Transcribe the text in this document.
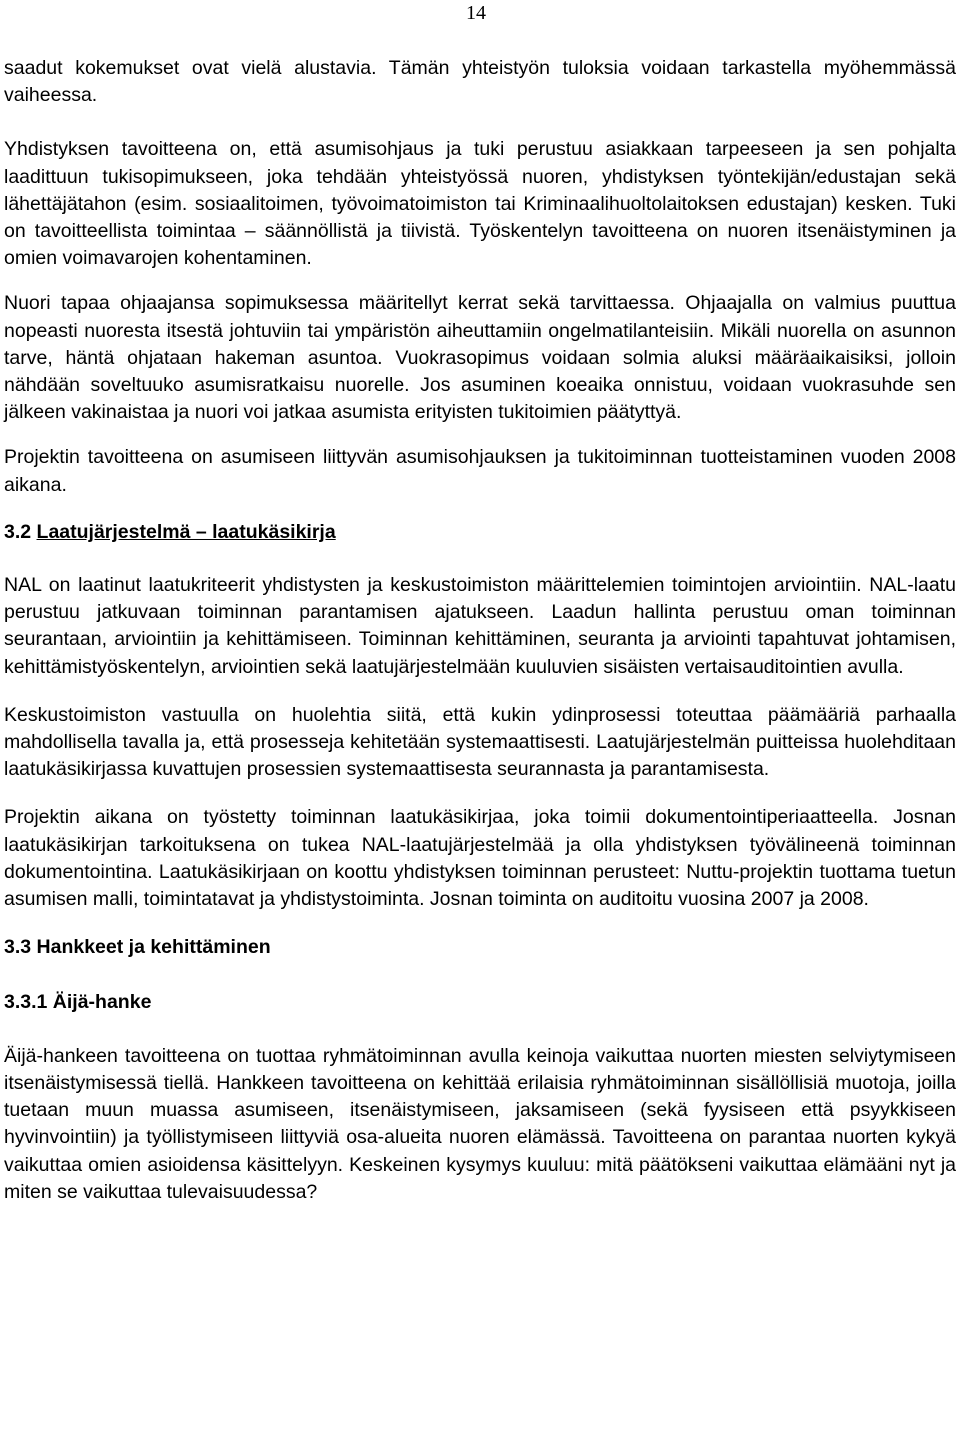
14

saadut kokemukset ovat vielä alustavia. Tämän yhteistyön tuloksia voidaan tarkastella myöhemmässä vaiheessa.

Yhdistyksen tavoitteena on, että asumisohjaus ja tuki perustuu asiakkaan tarpeeseen ja sen pohjalta laadittuun tukisopimukseen, joka tehdään yhteistyössä nuoren, yhdistyksen työntekijän/edustajan sekä lähettäjätahon (esim. sosiaalitoimen, työvoimatoimiston tai Kriminaalihuoltolaitoksen edustajan) kesken. Tuki on tavoitteellista toimintaa – säännöllistä ja tiivistä. Työskentelyn tavoitteena on nuoren itsenäistyminen ja omien voimavarojen kohentaminen.

Nuori tapaa ohjaajansa sopimuksessa määritellyt kerrat sekä tarvittaessa. Ohjaajalla on valmius puuttua nopeasti nuoresta itsestä johtuviin tai ympäristön aiheuttamiin ongelmatilanteisiin. Mikäli nuorella on asunnon tarve, häntä ohjataan hakeman asuntoa. Vuokrasopimus voidaan solmia aluksi määräaikaisiksi, jolloin nähdään soveltuuko asumisratkaisu nuorelle. Jos asuminen koeaika onnistuu, voidaan vuokrasuhde sen jälkeen vakinaistaa ja nuori voi jatkaa asumista erityisten tukitoimien päätyttyä.

Projektin tavoitteena on asumiseen liittyvän asumisohjauksen ja tukitoiminnan tuotteistaminen vuoden 2008 aikana.

3.2 Laatujärjestelmä – laatukäsikirja

NAL on laatinut laatukriteerit yhdistysten ja keskustoimiston määrittelemien toimintojen arviointiin. NAL-laatu perustuu jatkuvaan toiminnan parantamisen ajatukseen. Laadun hallinta perustuu oman toiminnan seurantaan, arviointiin ja kehittämiseen. Toiminnan kehittäminen, seuranta ja arviointi tapahtuvat johtamisen, kehittämistyöskentelyn, arviointien sekä laatujärjestelmään kuuluvien sisäisten vertaisauditointien avulla.

Keskustoimiston vastuulla on huolehtia siitä, että kukin ydinprosessi toteuttaa päämääriä parhaalla mahdollisella tavalla ja, että prosesseja kehitetään systemaattisesti. Laatujärjestelmän puitteissa huolehditaan laatukäsikirjassa kuvattujen prosessien systemaattisesta seurannasta ja parantamisesta.

Projektin aikana on työstetty toiminnan laatukäsikirjaa, joka toimii dokumentointiperiaatteella. Josnan laatukäsikirjan tarkoituksena on tukea NAL-laatujärjestelmää ja olla yhdistyksen työvälineenä toiminnan dokumentointina. Laatukäsikirjaan on koottu yhdistyksen toiminnan perusteet: Nuttu-projektin tuottama tuetun asumisen malli, toimintatavat ja yhdistystoiminta. Josnan toiminta on auditoitu vuosina 2007 ja 2008.

3.3 Hankkeet ja kehittäminen
3.3.1 Äijä-hanke

Äijä-hankeen tavoitteena on tuottaa ryhmätoiminnan avulla keinoja vaikuttaa nuorten miesten selviytymiseen itsenäistymisessä tiellä. Hankkeen tavoitteena on kehittää erilaisia ryhmätoiminnan sisällöllisiä muotoja, joilla tuetaan muun muassa asumiseen, itsenäistymiseen, jaksamiseen (sekä fyysiseen että psyykkiseen hyvinvointiin) ja työllistymiseen liittyviä osa-alueita nuoren elämässä. Tavoitteena on parantaa nuorten kykyä vaikuttaa omien asioidensa käsittelyyn. Keskeinen kysymys kuuluu: mitä päätökseni vaikuttaa elämääni nyt ja miten se vaikuttaa tulevaisuudessa?
